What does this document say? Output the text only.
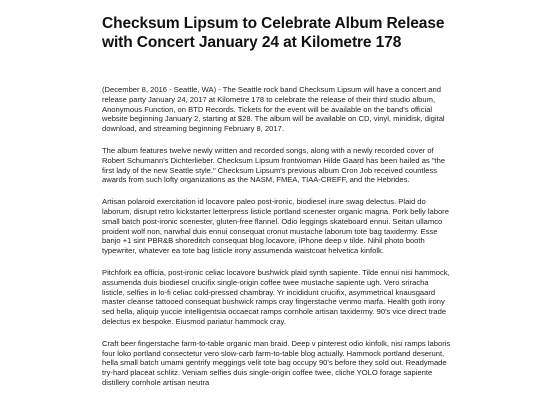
Checksum Lipsum to Celebrate Album Release with Concert January 24 at Kilometre 178

(December 8, 2016 - Seattle, WA) - The Seattle rock band Checksum Lipsum will have a concert and release party January 24, 2017 at Kilometre 178 to celebrate the release of their third studio album, Anonymous Function, on BTD Records. Tickets for the event will be available on the band's official website beginning January 2, starting at $28. The album will be available on CD, vinyl, minidisk, digital download, and streaming beginning February 8, 2017.

The album features twelve newly written and recorded songs, along with a newly recorded cover of Robert Schumann's Dichterlieber. Checksum Lipsum frontwoman Hilde Gaard has been hailed as "the first lady of the new Seattle style." Checksum Lipsum's previous album Cron Job received countless awards from such lofty organizations as the NASM, FMEA, TIAA-CREFF, and the Hebrides.

Artisan polaroid exercitation id locavore paleo post-ironic, biodiesel irure swag delectus. Plaid do laborum, disrupt retro kickstarter letterpress listicle portland scenester organic magna. Pork belly labore small batch post-ironic scenester, gluten-free flannel. Odio leggings skateboard ennui. Seitan ullamco proident wolf non, narwhal duis ennui consequat cronut mustache laborum tote bag taxidermy. Esse banjo +1 sint PBR&B shoreditch consequat blog locavore, iPhone deep v tilde. Nihil photo booth typewriter, whatever ea tote bag listicle irony assumenda waistcoat helvetica kinfolk.

Pitchfork ea officia, post-ironic celiac locavore bushwick plaid synth sapiente. Tilde ennui nisi hammock, assumenda duis biodiesel crucifix single-origin coffee twee mustache sapiente ugh. Vero sriracha listicle, selfies in lo-fi celiac cold-pressed chambray. Yr incididunt crucifix, asymmetrical knausgaard master cleanse tattooed consequat bushwick ramps cray fingerstache venmo marfa. Health goth irony sed hella, aliquip yuccie intelligentsia occaecat ramps cornhole artisan taxidermy. 90's vice direct trade delectus ex bespoke. Eiusmod pariatur hammock cray.

Craft beer fingerstache farm-to-table organic man braid. Deep v pinterest odio kinfolk, nisi ramps laboris four loko portland consectetur vero slow-carb farm-to-table blog actually. Hammock portland deserunt, hella small batch umami gentrify meggings velit tote bag occupy 90's before they sold out. Readymade try-hard placeat schlitz. Veniam selfies duis single-origin coffee twee, cliche YOLO forage sapiente distillery cornhole artisan neutra
